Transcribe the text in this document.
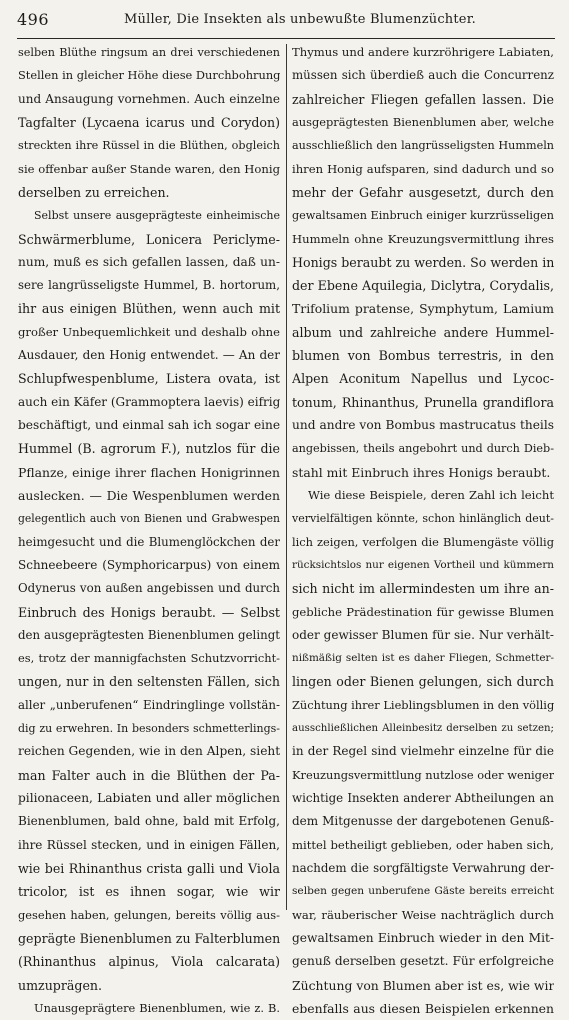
496	Müller, Die Insekten als unbewußte Blumenzüchter.
selben Blüthe ringsum an drei verschiedenen
Stellen in gleicher Höhe diese Durchbohrung
und Ansaugung vornehmen. Auch einzelne
Tagfalter (Lycaena icarus und Corydon)
streckten ihre Rüssel in die Blüthen, obgleich
sie offenbar außer Stande waren, den Honig
derselben zu erreichen.
Selbst unsere ausgeprägteste einheimische
Schwärmerblume, Lonicera Periclyme-
num, muß es sich gefallen lassen, daß un-
sere langrüsseligste Hummel, B. hortorum,
ihr aus einigen Blüthen, wenn auch mit
großer Unbequemlichkeit und deshalb ohne
Ausdauer, den Honig entwendet. — An der
Schlupfwespenblume, Listera ovata, ist
auch ein Käfer (Grammoptera laevis) eifrig
beschäftigt, und einmal sah ich sogar eine
Hummel (B. agrorum F.), nutzlos für die
Pflanze, einige ihrer flachen Honigrinnen
auslecken. — Die Wespenblumen werden
gelegentlich auch von Bienen und Grabwespen
heimgesucht und die Blumenglöckchen der
Schneebeere (Symphoricarpus) von einem
Odynerus von außen angebissen und durch
Einbruch des Honigs beraubt. — Selbst
den ausgeprägtesten Bienenblumen gelingt
es, trotz der mannigfachsten Schutzvorricht-
ungen, nur in den seltensten Fällen, sich
aller „unberufenen“ Eindringlinge vollstän-
dig zu erwehren. In besonders schmetterlings-
reichen Gegenden, wie in den Alpen, sieht
man Falter auch in die Blüthen der Pa-
pilionaceen, Labiaten und aller möglichen
Bienenblumen, bald ohne, bald mit Erfolg,
ihre Rüssel stecken, und in einigen Fällen,
wie bei Rhinanthus crista galli und Viola
tricolor, ist es ihnen sogar, wie wir
gesehen haben, gelungen, bereits völlig aus-
geprägte Bienenblumen zu Falterblumen
(Rhinanthus alpinus, Viola calcarata)
umzuprägen.
Unausgeprägtere Bienenblumen, wie z. B.
Thymus und andere kurzröhrigere Labiaten,
müssen sich überdieß auch die Concurrenz
zahlreicher Fliegen gefallen lassen. Die
ausgeprägtesten Bienenblumen aber, welche
ausschließlich den langrüsseligsten Hummeln
ihren Honig aufsparen, sind dadurch und so
mehr der Gefahr ausgesetzt, durch den
gewaltsamen Einbruch einiger kurzrüsseligen
Hummeln ohne Kreuzungsvermittlung ihres
Honigs beraubt zu werden. So werden in
der Ebene Aquilegia, Diclytra, Corydalis,
Trifolium pratense, Symphytum, Lamium
album und zahlreiche andere Hummel-
blumen von Bombus terrestris, in den
Alpen Aconitum Napellus und Lycoc-
tonum, Rhinanthus, Prunella grandiflora
und andre von Bombus mastrucatus theils
angebissen, theils angebohrt und durch Dieb-
stahl mit Einbruch ihres Honigs beraubt.
Wie diese Beispiele, deren Zahl ich leicht
vervielfältigen könnte, schon hinlänglich deut-
lich zeigen, verfolgen die Blumengäste völlig
rücksichtslos nur eigenen Vortheil und kümmern
sich nicht im allermindesten um ihre an-
gebliche Prädestination für gewisse Blumen
oder gewisser Blumen für sie. Nur verhält-
nißmäßig selten ist es daher Fliegen, Schmetter-
lingen oder Bienen gelungen, sich durch
Züchtung ihrer Lieblingsblumen in den völlig
ausschließlichen Alleinbesitz derselben zu setzen;
in der Regel sind vielmehr einzelne für die
Kreuzungsvermittlung nutzlose oder weniger
wichtige Insekten anderer Abtheilungen an
dem Mitgenusse der dargebotenen Genuß-
mittel betheiligt geblieben, oder haben sich,
nachdem die sorgfältigste Verwahrung der-
selben gegen unberufene Gäste bereits erreicht
war, räuberischer Weise nachträglich durch
gewaltsamen Einbruch wieder in den Mit-
genuß derselben gesetzt. Für erfolgreiche
Züchtung von Blumen aber ist es, wie wir
ebenfalls aus diesen Beispielen erkennen
